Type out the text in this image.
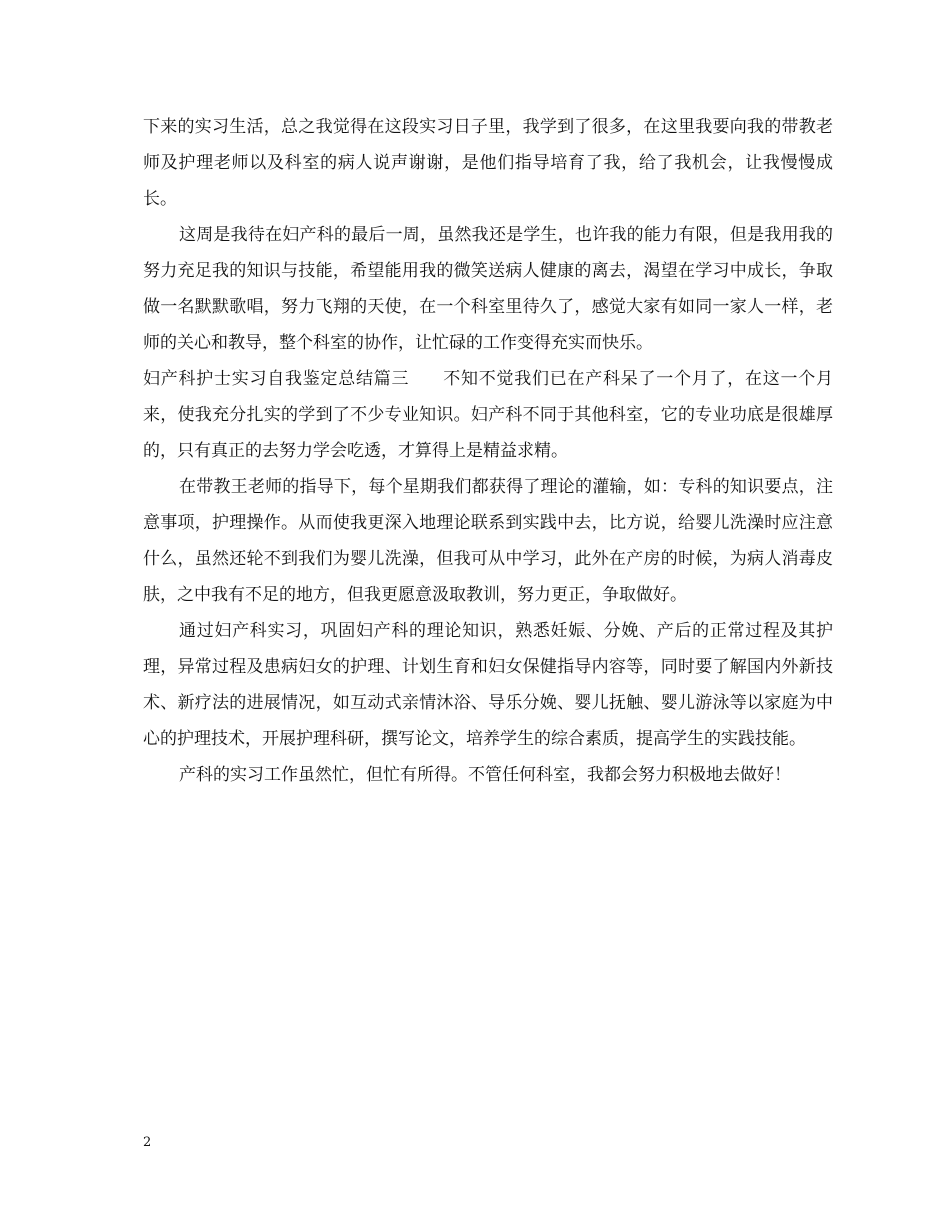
下来的实习生活，总之我觉得在这段实习日子里，我学到了很多，在这里我要向我的带教老师及护理老师以及科室的病人说声谢谢，是他们指导培育了我，给了我机会，让我慢慢成长。

这周是我待在妇产科的最后一周，虽然我还是学生，也许我的能力有限，但是我用我的努力充足我的知识与技能，希望能用我的微笑送病人健康的离去，渴望在学习中成长，争取做一名默默歌唱，努力飞翔的天使，在一个科室里待久了，感觉大家有如同一家人一样，老师的关心和教导，整个科室的协作，让忙碌的工作变得充实而快乐。

妇产科护士实习自我鉴定总结篇三 不知不觉我们已在产科呆了一个月了，在这一个月来，使我充分扎实的学到了不少专业知识。妇产科不同于其他科室，它的专业功底是很雄厚的，只有真正的去努力学会吃透，才算得上是精益求精。

在带教王老师的指导下，每个星期我们都获得了理论的灌输，如：专科的知识要点，注意事项，护理操作。从而使我更深入地理论联系到实践中去，比方说，给婴儿洗澡时应注意什么，虽然还轮不到我们为婴儿洗澡，但我可从中学习，此外在产房的时候，为病人消毒皮肤，之中我有不足的地方，但我更愿意汲取教训，努力更正，争取做好。

通过妇产科实习，巩固妇产科的理论知识，熟悉妊娠、分娩、产后的正常过程及其护理，异常过程及患病妇女的护理、计划生育和妇女保健指导内容等，同时要了解国内外新技术、新疗法的进展情况，如互动式亲情沐浴、导乐分娩、婴儿抚触、婴儿游泳等以家庭为中心的护理技术，开展护理科研，撰写论文，培养学生的综合素质，提高学生的实践技能。

产科的实习工作虽然忙，但忙有所得。不管任何科室，我都会努力积极地去做好！

2
